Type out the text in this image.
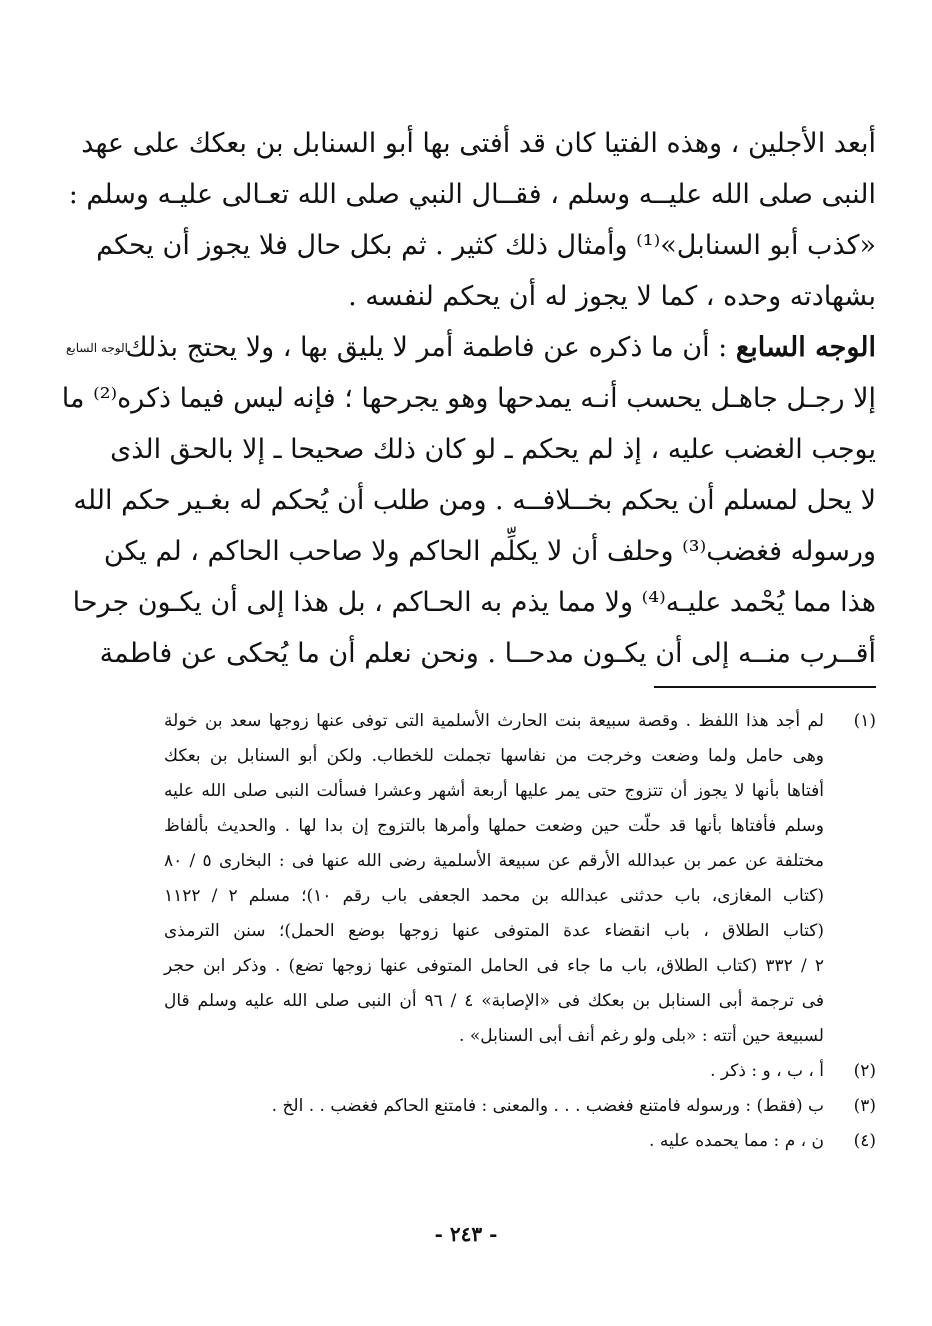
أبعد الأجلين ، وهذه الفتيا كان قد أفتى بها أبو السنابل بن بعكك على عهد
النبى صلى الله عليــه وسلم ، فقــال النبي صلى الله تعـالى عليـه وسلم :
«كذب أبو السنابل»⁽¹⁾ وأمثال ذلك كثير . ثم بكل حال فلا يجوز أن يحكم
بشهادته وحده ، كما لا يجوز له أن يحكم لنفسه .
الوجه السابع : أن ما ذكره عن فاطمة أمر لا يليق بها ، ولا يحتج بذلك
إلا رجـل جاهـل يحسب أنـه يمدحها وهو يجرحها ؛ فإنه ليس فيما ذكره⁽²⁾ ما
يوجب الغضب عليه ، إذ لم يحكم ـ لو كان ذلك صحيحا ـ إلا بالحق الذى
لا يحل لمسلم أن يحكم بخــلافــه . ومن طلب أن يُحكم له بغـير حكم الله
ورسوله فغضب⁽³⁾ وحلف أن لا يكلِّم الحاكم ولا صاحب الحاكم ، لم يكن
هذا مما يُحْمد عليـه⁽⁴⁾ ولا مما يذم به الحـاكم ، بل هذا إلى أن يكـون جرحا
أقــرب منــه إلى أن يكـون مدحــا . ونحن نعلم أن ما يُحكى عن فاطمة
الوجه السابع
(١)
لم أجد هذا اللفظ . وقصة سبيعة بنت الحارث الأسلمية التى توفى عنها زوجها سعد بن خولة
وهى حامل ولما وضعت وخرجت من نفاسها تجملت للخطاب. ولكن أبو السنابل بن بعكك
أفتاها بأنها لا يجوز أن تتزوج حتى يمر عليها أربعة أشهر وعشرا فسألت النبى صلى الله عليه
وسلم فأفتاها بأنها قد حلّت حين وضعت حملها وأمرها بالتزوج إن بدا لها . والحديث بألفاظ
مختلفة عن عمر بن عبدالله الأرقم عن سبيعة الأسلمية رضى الله عنها فى : البخارى ٥ / ٨٠
(كتاب المغازى، باب حدثنى عبدالله بن محمد الجعفى باب رقم ١٠)؛ مسلم ٢ / ١١٢٢
(كتاب الطلاق ، باب انقضاء عدة المتوفى عنها زوجها بوضع الحمل)؛ سنن الترمذى
٢ / ٣٣٢ (كتاب الطلاق، باب ما جاء فى الحامل المتوفى عنها زوجها تضع) . وذكر ابن حجر
فى ترجمة أبى السنابل بن بعكك فى «الإصابة» ٤ / ٩٦ أن النبى صلى الله عليه وسلم قال
لسبيعة حين أتته : «بلى ولو رغم أنف أبى السنابل» .
(٢)
أ ، ب ، و : ذكر .
(٣)
ب (فقط) : ورسوله فامتنع فغضب . . . والمعنى : فامتنع الحاكم فغضب . . الخ .
(٤)
ن ، م : مما يحمده عليه .
- ٢٤٣ -
